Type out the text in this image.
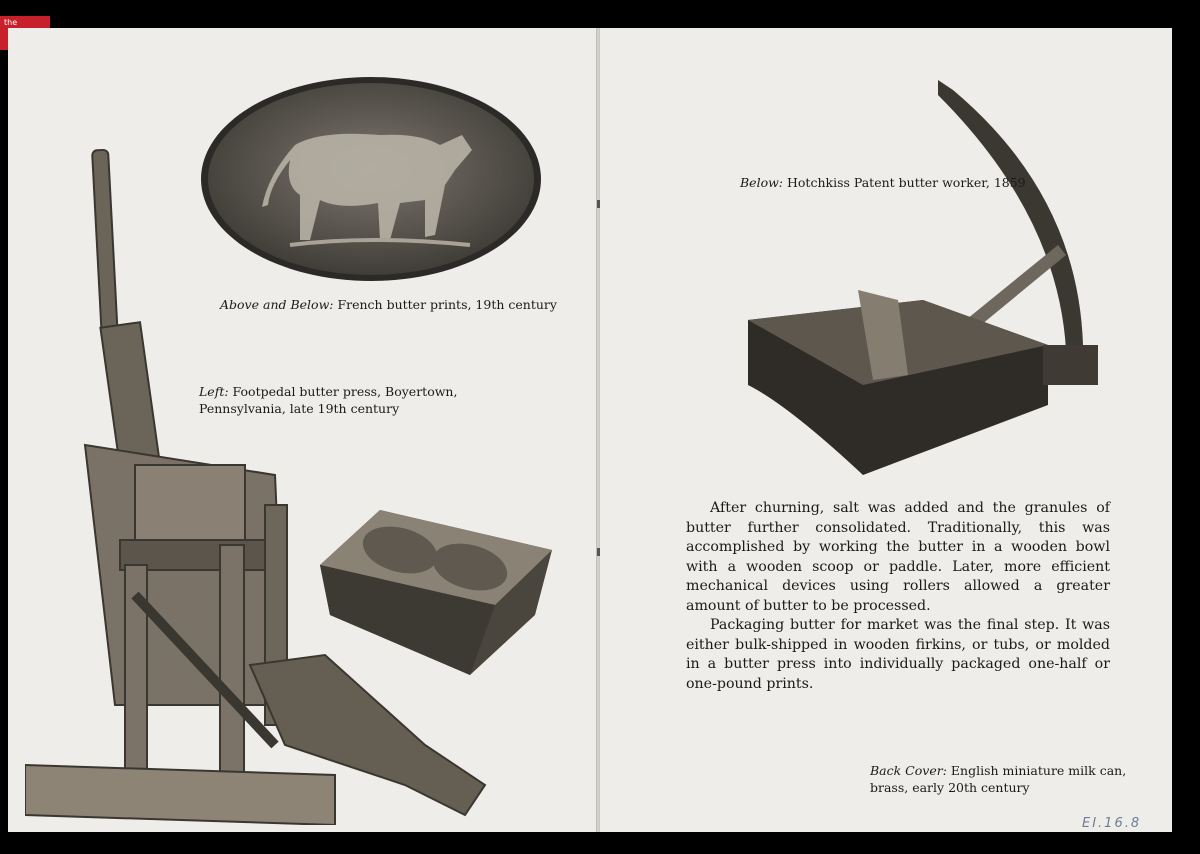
the
Above and Below: French butter prints, 19th century
Left: Footpedal butter press, Boyertown,
Pennsylvania, late 19th century
Below: Hotchkiss Patent butter worker, 1859

After churning, salt was added and the granules of butter further consolidated. Traditionally, this was accomplished by working the butter in a wooden bowl with a wooden scoop or paddle. Later, more efficient mechanical devices using rollers allowed a greater amount of butter to be processed.

Packaging butter for market was the final step. It was either bulk-shipped in wooden firkins, or tubs, or molded in a butter press into individually packaged one-half or one-pound prints.

Back Cover: English miniature milk can,
brass, early 20th century
EI.16.8
